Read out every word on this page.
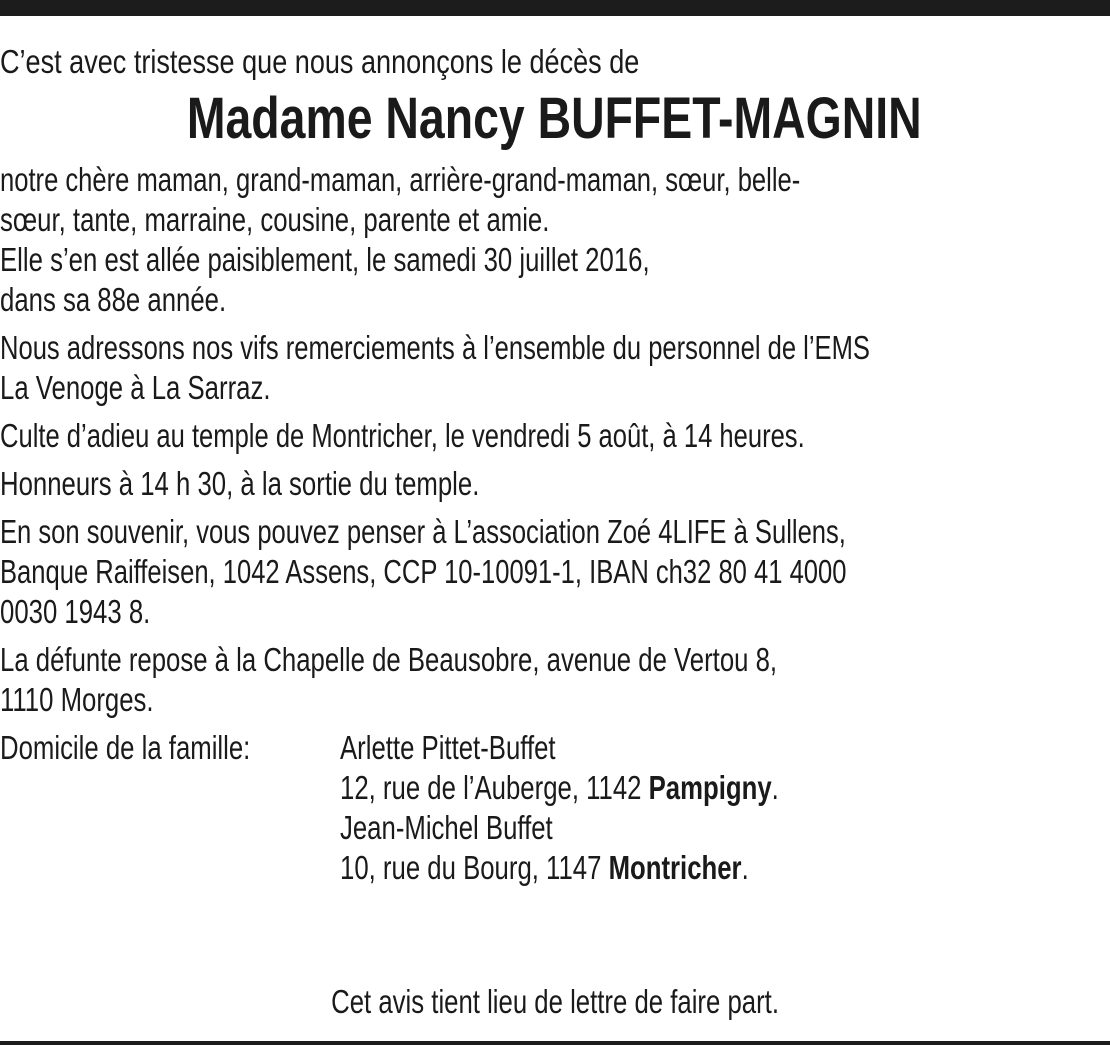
C’est avec tristesse que nous annonçons le décès de
Madame Nancy BUFFET-MAGNIN
notre chère maman, grand-maman, arrière-grand-maman, sœur, belle-
sœur, tante, marraine, cousine, parente et amie.
Elle s’en est allée paisiblement, le samedi 30 juillet 2016,
dans sa 88e année.
Nous adressons nos vifs remerciements à l’ensemble du personnel de l’EMS
La Venoge à La Sarraz.
Culte d’adieu au temple de Montricher, le vendredi 5 août, à 14 heures.
Honneurs à 14 h 30, à la sortie du temple.
En son souvenir, vous pouvez penser à L’association Zoé 4LIFE à Sullens,
Banque Raiffeisen, 1042 Assens, CCP 10-10091-1, IBAN ch32 80 41 4000
0030 1943 8.
La défunte repose à la Chapelle de Beausobre, avenue de Vertou 8,
1110 Morges.
Domicile de la famille:	Arlette Pittet-Buffet
12, rue de l’Auberge, 1142 Pampigny.
Jean-Michel Buffet
10, rue du Bourg, 1147 Montricher.
Cet avis tient lieu de lettre de faire part.
